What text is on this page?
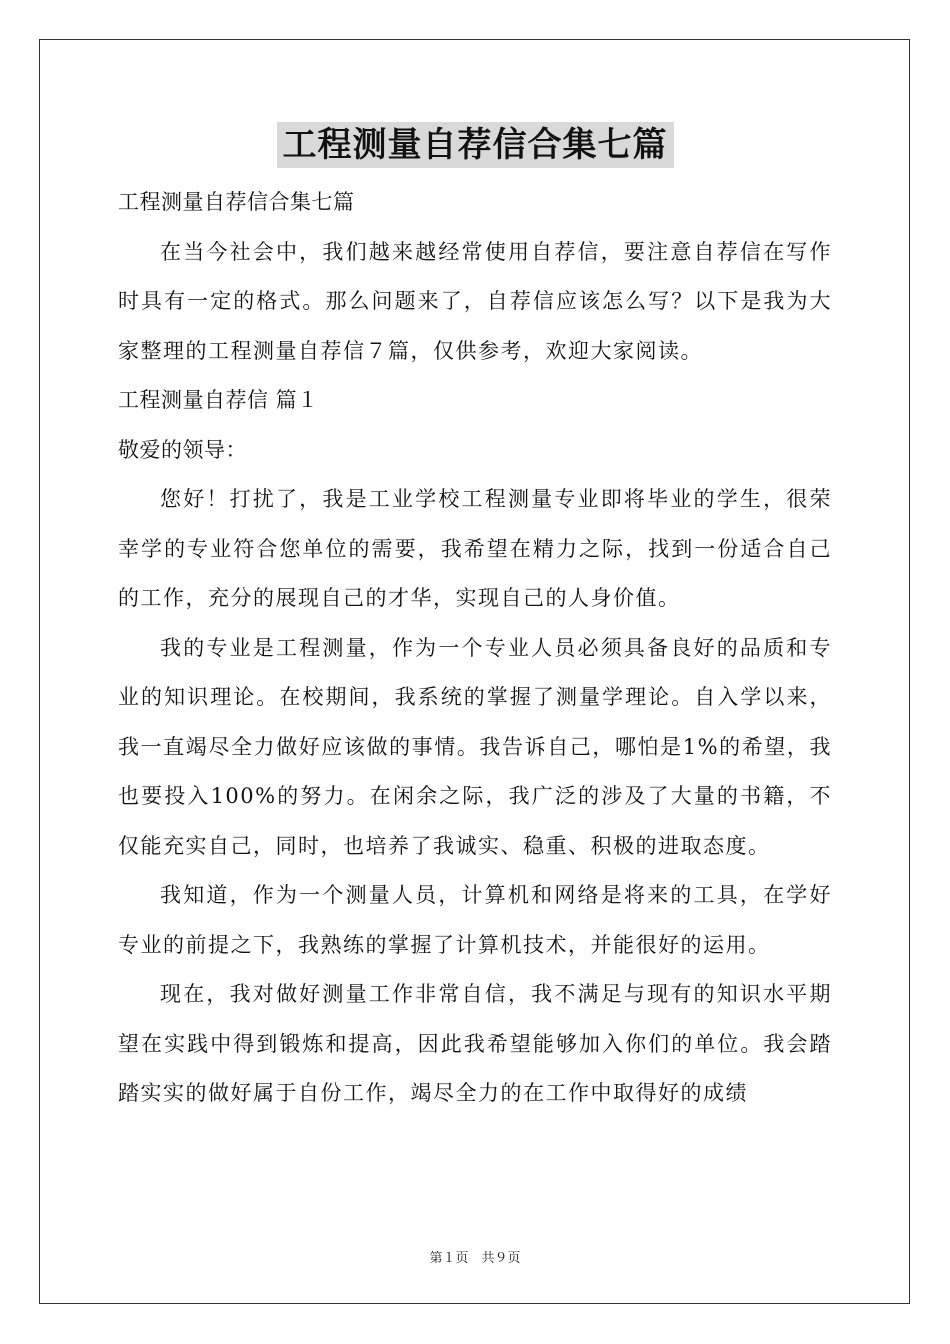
工程测量自荐信合集七篇

工程测量自荐信合集七篇

在当今社会中，我们越来越经常使用自荐信，要注意自荐信在写作时具有一定的格式。那么问题来了，自荐信应该怎么写？以下是我为大家整理的工程测量自荐信７篇，仅供参考，欢迎大家阅读。

工程测量自荐信 篇１

敬爱的领导：

您好！打扰了，我是工业学校工程测量专业即将毕业的学生，很荣幸学的专业符合您单位的需要，我希望在精力之际，找到一份适合自己的工作，充分的展现自己的才华，实现自己的人身价值。

我的专业是工程测量，作为一个专业人员必须具备良好的品质和专业的知识理论。在校期间，我系统的掌握了测量学理论。自入学以来，我一直竭尽全力做好应该做的事情。我告诉自己，哪怕是1%的希望，我也要投入100%的努力。在闲余之际，我广泛的涉及了大量的书籍，不仅能充实自己，同时，也培养了我诚实、稳重、积极的进取态度。

我知道，作为一个测量人员，计算机和网络是将来的工具，在学好专业的前提之下，我熟练的掌握了计算机技术，并能很好的运用。

现在，我对做好测量工作非常自信，我不满足与现有的知识水平期望在实践中得到锻炼和提高，因此我希望能够加入你们的单位。我会踏踏实实的做好属于自份工作，竭尽全力的在工作中取得好的成绩

第１页　共９页
